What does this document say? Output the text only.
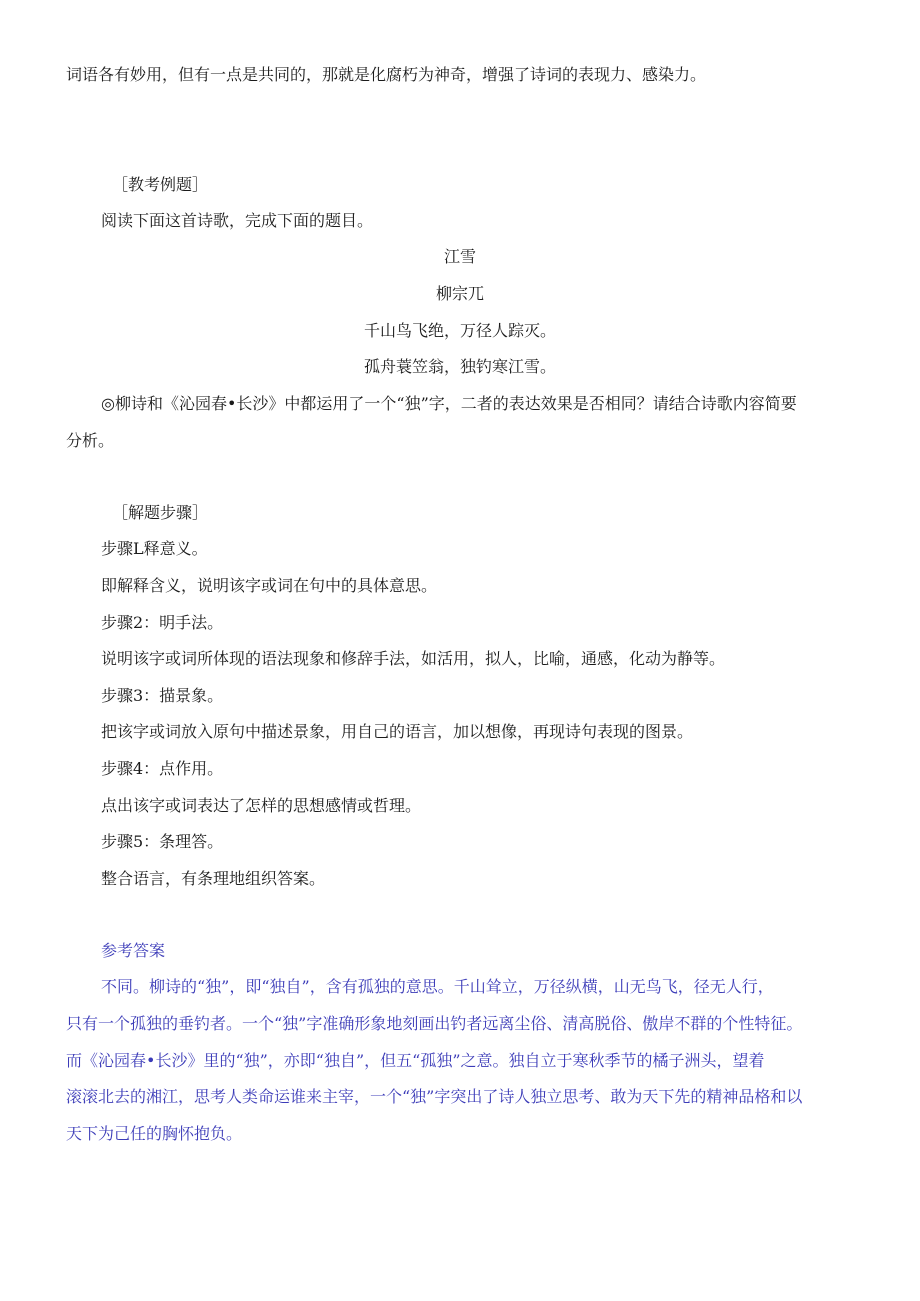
词语各有妙用，但有一点是共同的，那就是化腐朽为神奇，增强了诗词的表现力、感染力。
［教考例题］
阅读下面这首诗歌，完成下面的题目。
江雪
柳宗兀
千山鸟飞绝，万径人踪灭。
孤舟蓑笠翁，独钓寒江雪。
◎柳诗和《沁园春•长沙》中都运用了一个“独”字，二者的表达效果是否相同？请结合诗歌内容简要
分析。
［解题步骤］
步骤L释意义。
即解释含义，说明该字或词在句中的具体意思。
步骤2：明手法。
说明该字或词所体现的语法现象和修辞手法，如活用，拟人，比喻，通感，化动为静等。
步骤3：描景象。
把该字或词放入原句中描述景象，用自己的语言，加以想像，再现诗句表现的图景。
步骤4：点作用。
点出该字或词表达了怎样的思想感情或哲理。
步骤5：条理答。
整合语言，有条理地组织答案。
参考答案
不同。柳诗的“独”，即“独自”，含有孤独的意思。千山耸立，万径纵横，山无鸟飞，径无人行，
只有一个孤独的垂钓者。一个“独”字准确形象地刻画出钓者远离尘俗、清高脱俗、傲岸不群的个性特征。
而《沁园春•长沙》里的“独”，亦即“独自”，但五“孤独”之意。独自立于寒秋季节的橘子洲头，望着
滚滚北去的湘江，思考人类命运谁来主宰，一个“独”字突出了诗人独立思考、敢为天下先的精神品格和以
天下为己任的胸怀抱负。
